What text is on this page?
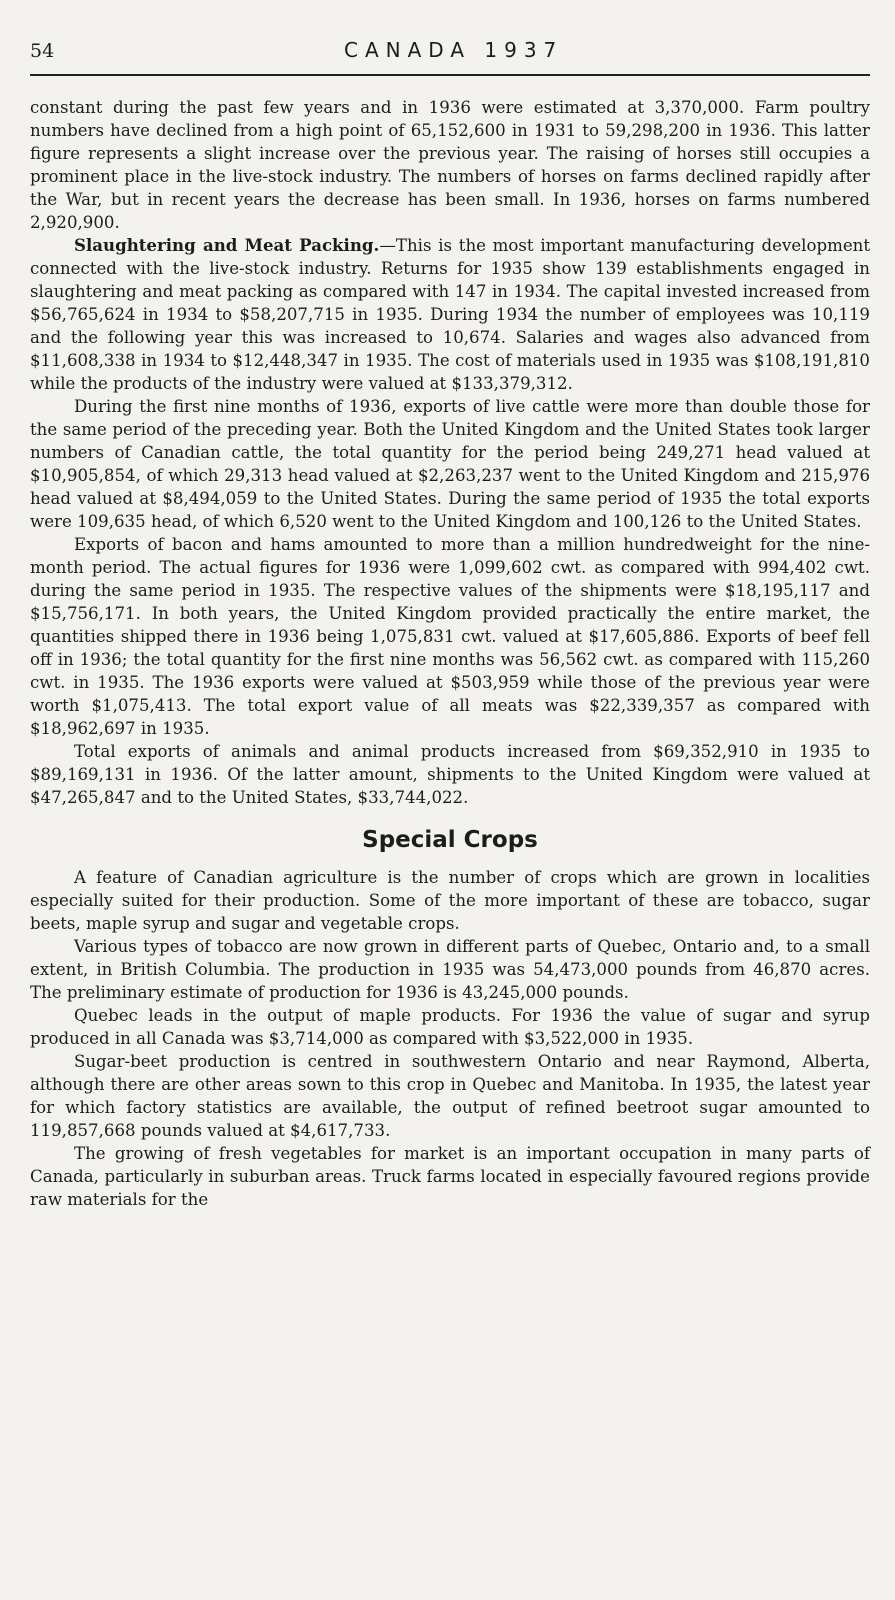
54	CANADA 1937

constant during the past few years and in 1936 were estimated at 3,370,000. Farm poultry numbers have declined from a high point of 65,152,600 in 1931 to 59,298,200 in 1936. This latter figure represents a slight increase over the previous year. The raising of horses still occupies a prominent place in the live-stock industry. The numbers of horses on farms declined rapidly after the War, but in recent years the decrease has been small. In 1936, horses on farms numbered 2,920,900.

Slaughtering and Meat Packing.—This is the most important manufacturing development connected with the live-stock industry. Returns for 1935 show 139 establishments engaged in slaughtering and meat packing as compared with 147 in 1934. The capital invested increased from $56,765,624 in 1934 to $58,207,715 in 1935. During 1934 the number of employees was 10,119 and the following year this was increased to 10,674. Salaries and wages also advanced from $11,608,338 in 1934 to $12,448,347 in 1935. The cost of materials used in 1935 was $108,191,810 while the products of the industry were valued at $133,379,312.

During the first nine months of 1936, exports of live cattle were more than double those for the same period of the preceding year. Both the United Kingdom and the United States took larger numbers of Canadian cattle, the total quantity for the period being 249,271 head valued at $10,905,854, of which 29,313 head valued at $2,263,237 went to the United Kingdom and 215,976 head valued at $8,494,059 to the United States. During the same period of 1935 the total exports were 109,635 head, of which 6,520 went to the United Kingdom and 100,126 to the United States.

Exports of bacon and hams amounted to more than a million hundredweight for the nine-month period. The actual figures for 1936 were 1,099,602 cwt. as compared with 994,402 cwt. during the same period in 1935. The respective values of the shipments were $18,195,117 and $15,756,171. In both years, the United Kingdom provided practically the entire market, the quantities shipped there in 1936 being 1,075,831 cwt. valued at $17,605,886. Exports of beef fell off in 1936; the total quantity for the first nine months was 56,562 cwt. as compared with 115,260 cwt. in 1935. The 1936 exports were valued at $503,959 while those of the previous year were worth $1,075,413. The total export value of all meats was $22,339,357 as compared with $18,962,697 in 1935.

Total exports of animals and animal products increased from $69,352,910 in 1935 to $89,169,131 in 1936. Of the latter amount, shipments to the United Kingdom were valued at $47,265,847 and to the United States, $33,744,022.

Special Crops

A feature of Canadian agriculture is the number of crops which are grown in localities especially suited for their production. Some of the more important of these are tobacco, sugar beets, maple syrup and sugar and vegetable crops.

Various types of tobacco are now grown in different parts of Quebec, Ontario and, to a small extent, in British Columbia. The production in 1935 was 54,473,000 pounds from 46,870 acres. The preliminary estimate of production for 1936 is 43,245,000 pounds.

Quebec leads in the output of maple products. For 1936 the value of sugar and syrup produced in all Canada was $3,714,000 as compared with $3,522,000 in 1935.

Sugar-beet production is centred in southwestern Ontario and near Raymond, Alberta, although there are other areas sown to this crop in Quebec and Manitoba. In 1935, the latest year for which factory statistics are available, the output of refined beetroot sugar amounted to 119,857,668 pounds valued at $4,617,733.

The growing of fresh vegetables for market is an important occupation in many parts of Canada, particularly in suburban areas. Truck farms located in especially favoured regions provide raw materials for the
